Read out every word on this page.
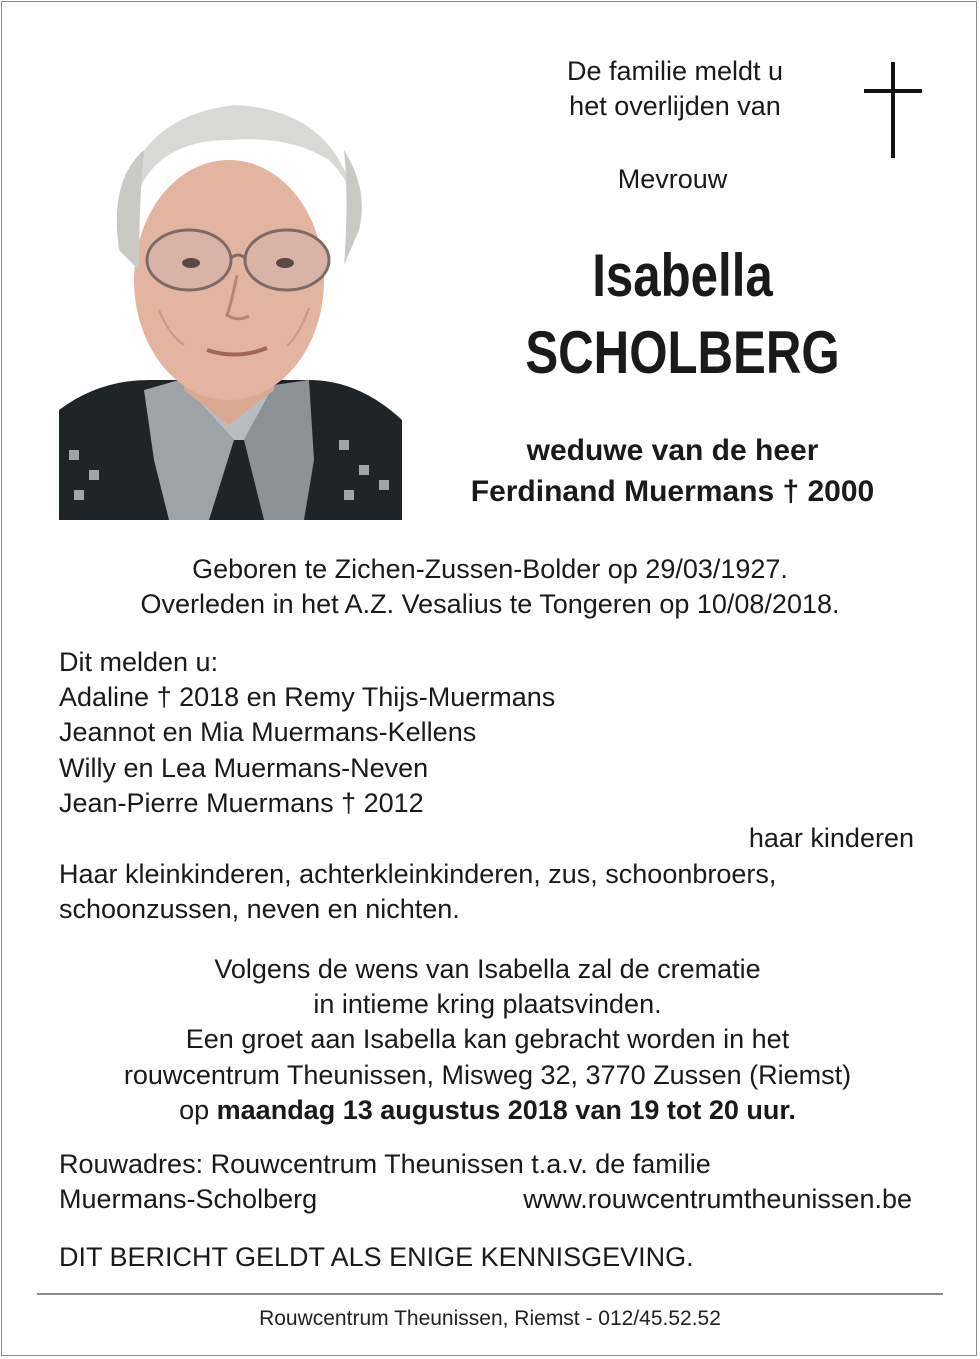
De familie meldt u
het overlijden van
Mevrouw
Isabella
SCHOLBERG
weduwe van de heer
Ferdinand Muermans † 2000
Geboren te Zichen-Zussen-Bolder op 29/03/1927.
Overleden in het A.Z. Vesalius te Tongeren op 10/08/2018.
Dit melden u:
Adaline † 2018 en Remy Thijs-Muermans
Jeannot en Mia Muermans-Kellens
Willy en Lea Muermans-Neven
Jean-Pierre Muermans † 2012
haar kinderen
Haar kleinkinderen, achterkleinkinderen, zus, schoonbroers,
schoonzussen, neven en nichten.
Volgens de wens van Isabella zal de crematie
in intieme kring plaatsvinden.
Een groet aan Isabella kan gebracht worden in het
rouwcentrum Theunissen, Misweg 32, 3770 Zussen (Riemst)
op maandag 13 augustus 2018 van 19 tot 20 uur.
Rouwadres: Rouwcentrum Theunissen t.a.v. de familie
Muermans-Scholberg	www.rouwcentrumtheunissen.be
DIT BERICHT GELDT ALS ENIGE KENNISGEVING.
Rouwcentrum Theunissen, Riemst - 012/45.52.52
